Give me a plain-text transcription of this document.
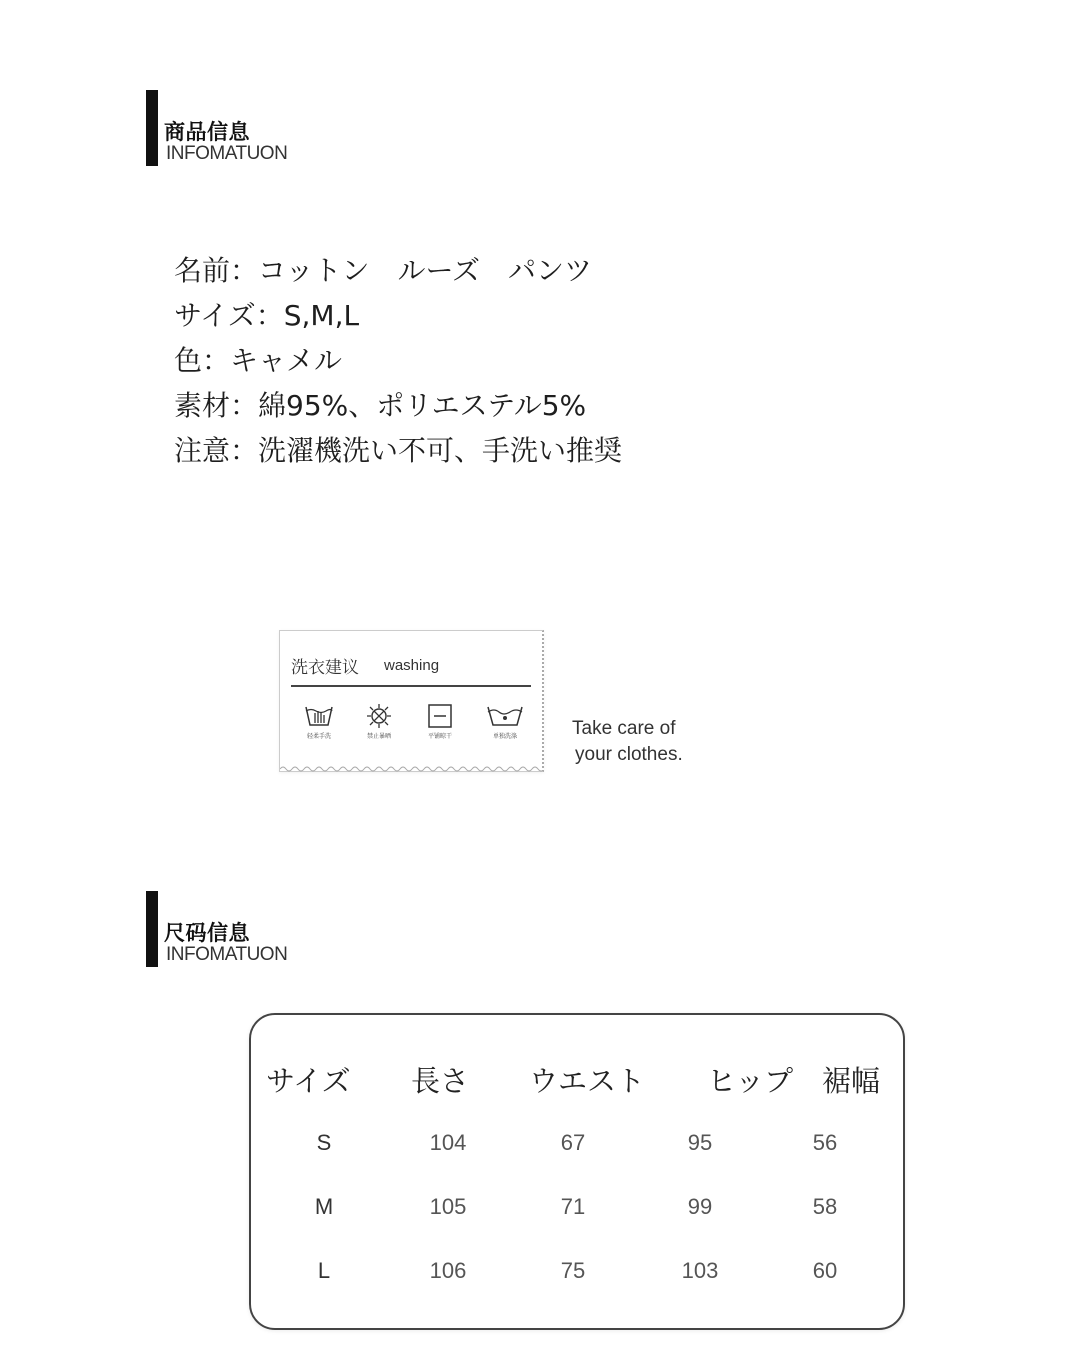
商品信息
INFOMATUON
名前：コットン　ルーズ　パンツ
サイズ：S,M,L
色：キャメル
素材：綿95%、ポリエステル5%
注意：洗濯機洗い不可、手洗い推奨
洗衣建议 washing
轻柔手洗	禁止暴晒	平铺晾干	单独洗涤	Take care of
your clothes.
尺码信息
INFOMATUON
サイズ 長さ ウエスト ヒップ 裾幅
S	104	67	95	56
M	105	71	99	58
L	106	75	103	60
